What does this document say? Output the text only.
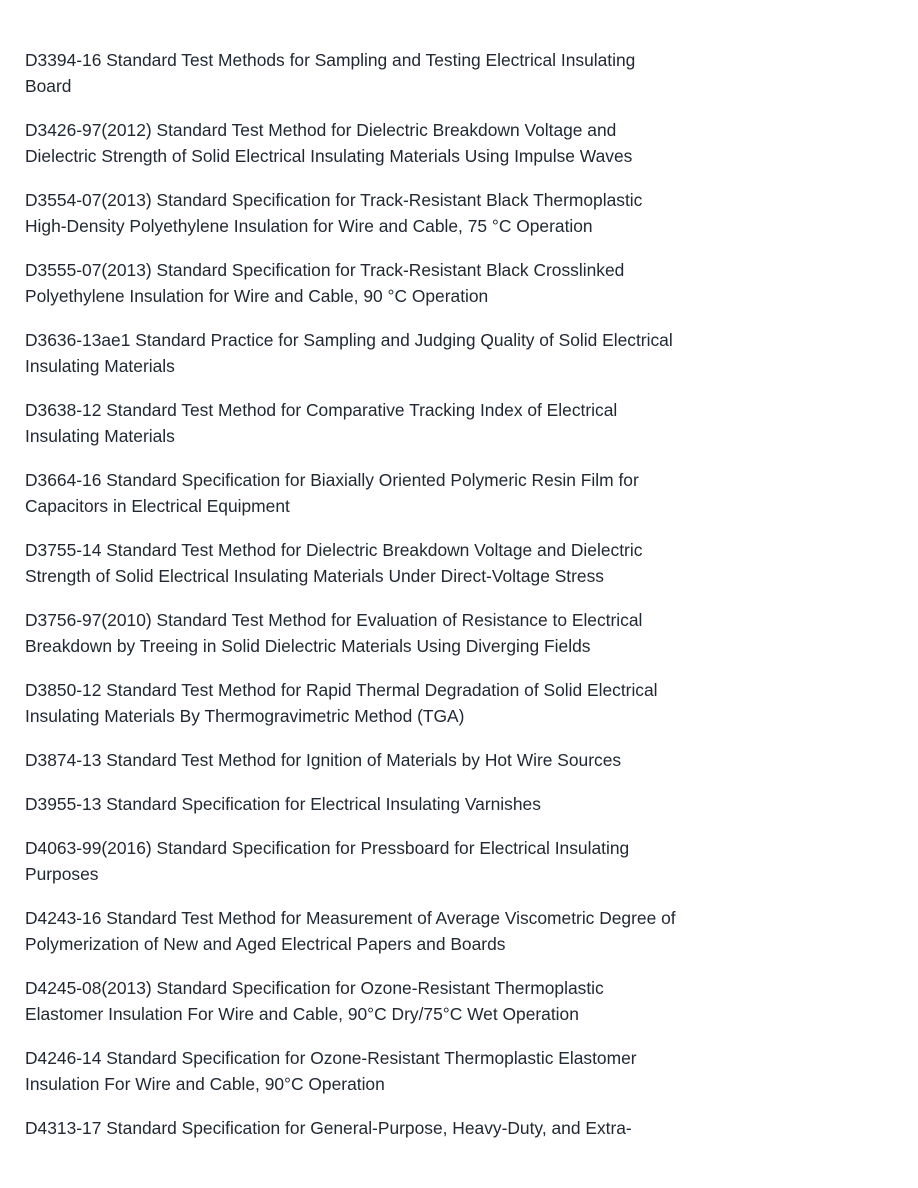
D3394-16 Standard Test Methods for Sampling and Testing Electrical Insulating Board
D3426-97(2012) Standard Test Method for Dielectric Breakdown Voltage and Dielectric Strength of Solid Electrical Insulating Materials Using Impulse Waves
D3554-07(2013) Standard Specification for Track-Resistant Black Thermoplastic High-Density Polyethylene Insulation for Wire and Cable, 75 °C Operation
D3555-07(2013) Standard Specification for Track-Resistant Black Crosslinked Polyethylene Insulation for Wire and Cable, 90 °C Operation
D3636-13ae1 Standard Practice for Sampling and Judging Quality of Solid Electrical Insulating Materials
D3638-12 Standard Test Method for Comparative Tracking Index of Electrical Insulating Materials
D3664-16 Standard Specification for Biaxially Oriented Polymeric Resin Film for Capacitors in Electrical Equipment
D3755-14 Standard Test Method for Dielectric Breakdown Voltage and Dielectric Strength of Solid Electrical Insulating Materials Under Direct-Voltage Stress
D3756-97(2010) Standard Test Method for Evaluation of Resistance to Electrical Breakdown by Treeing in Solid Dielectric Materials Using Diverging Fields
D3850-12 Standard Test Method for Rapid Thermal Degradation of Solid Electrical Insulating Materials By Thermogravimetric Method (TGA)
D3874-13 Standard Test Method for Ignition of Materials by Hot Wire Sources
D3955-13 Standard Specification for Electrical Insulating Varnishes
D4063-99(2016) Standard Specification for Pressboard for Electrical Insulating Purposes
D4243-16 Standard Test Method for Measurement of Average Viscometric Degree of Polymerization of New and Aged Electrical Papers and Boards
D4245-08(2013) Standard Specification for Ozone-Resistant Thermoplastic Elastomer Insulation For Wire and Cable, 90°C Dry/75°C Wet Operation
D4246-14 Standard Specification for Ozone-Resistant Thermoplastic Elastomer Insulation For Wire and Cable, 90°C Operation
D4313-17 Standard Specification for General-Purpose, Heavy-Duty, and Extra-
